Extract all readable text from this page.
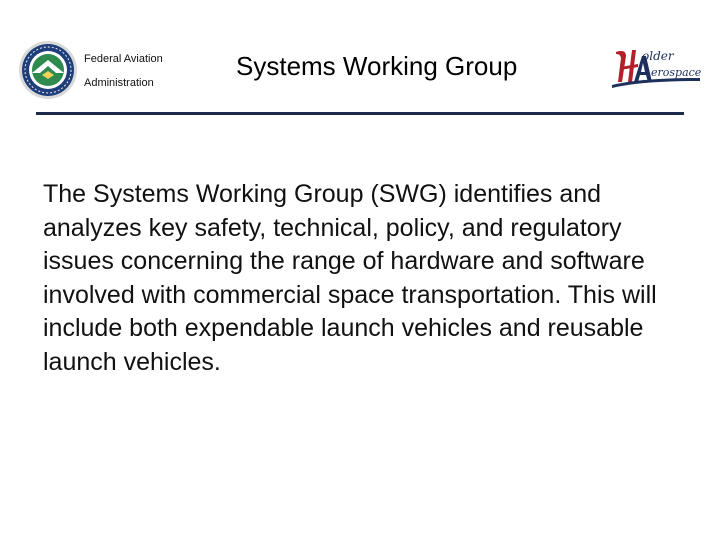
Federal Aviation
Administration
Systems Working Group	older
erospace

The Systems Working Group (SWG) identifies and analyzes key safety, technical, policy, and regulatory issues concerning the range of hardware and software involved with commercial space transportation. This will include both expendable launch vehicles and reusable launch vehicles.
